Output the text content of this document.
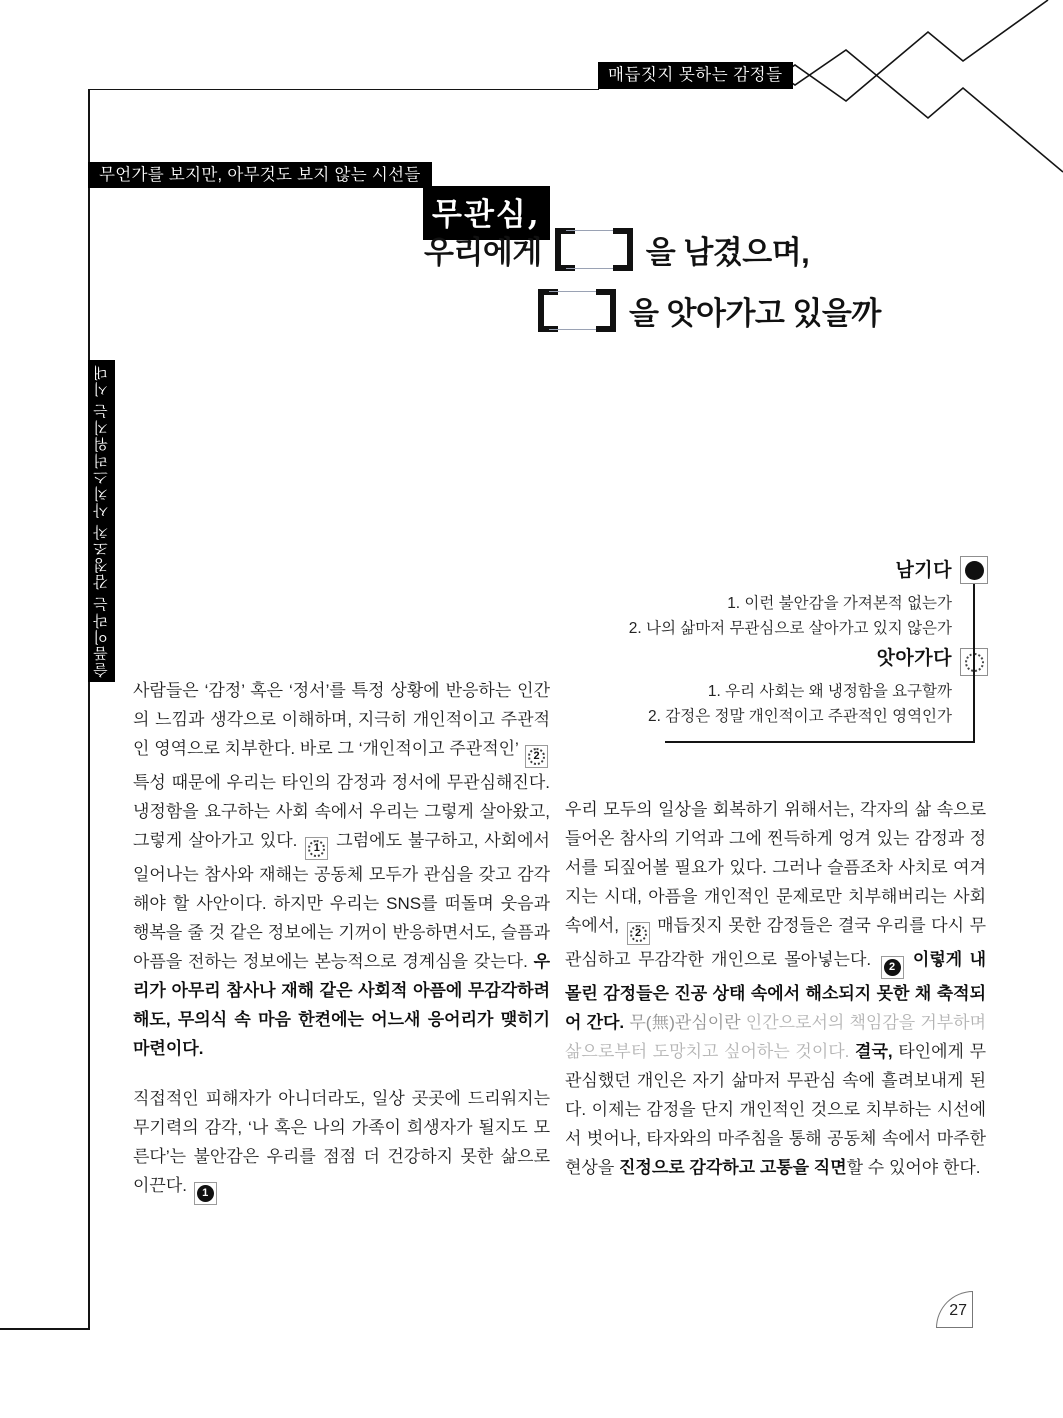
매듭짓지 못하는 감정들
무언가를 보지만, 아무것도 보지 않는 시선들
무관심,
우리에게	을 남겼으며,
을 앗아가고 있을까
슬픔이라는 감정조차 사치스러워지는 시대	남기다
1. 이런 불안감을 가져본적 없는가
2. 나의 삶마저 무관심으로 살아가고 있지 않은가
앗아가다
1. 우리 사회는 왜 냉정함을 요구할까
2. 감정은 정말 개인적이고 주관적인 영역인가

사람들은 ‘감정’ 혹은 ‘정서’를 특정 상황에 반응하는 인간의 느낌과 생각으로 이해하며, 지극히 개인적이고 주관적인 영역으로 치부한다. 바로 그 ‘개인적이고 주관적인’ 2
특성 때문에 우리는 타인의 감정과 정서에 무관심해진다. 냉정함을 요구하는 사회 속에서 우리는 그렇게 살아왔고, 그렇게 살아가고 있다. 1 그럼에도 불구하고, 사회에서 일어나는 참사와 재해는 공동체 모두가 관심을 갖고 감각해야 할 사안이다. 하지만 우리는 SNS를 떠돌며 웃음과 행복을 줄 것 같은 정보에는 기꺼이 반응하면서도, 슬픔과 아픔을 전하는 정보에는 본능적으로 경계심을 갖는다. 우리가 아무리 참사나 재해 같은 사회적 아픔에 무감각하려 해도, 무의식 속 마음 한켠에는 어느새 응어리가 맺히기 마련이다.

직접적인 피해자가 아니더라도, 일상 곳곳에 드리워지는 무기력의 감각, ‘나 혹은 나의 가족이 희생자가 될지도 모른다’는 불안감은 우리를 점점 더 건강하지 못한 삶으로 이끈다. 1

우리 모두의 일상을 회복하기 위해서는, 각자의 삶 속으로 들어온 참사의 기억과 그에 찐득하게 엉겨 있는 감정과 정서를 되짚어볼 필요가 있다. 그러나 슬픔조차 사치로 여겨지는 시대, 아픔을 개인적인 문제로만 치부해버리는 사회 속에서, 2 매듭짓지 못한 감정들은 결국 우리를 다시 무관심하고 무감각한 개인으로 몰아넣는다. 2 이렇게 내몰린 감정들은 진공 상태 속에서 해소되지 못한 채 축적되어 간다. 무(無)관심이란 인간으로서의 책임감을 거부하며 삶으로부터 도망치고 싶어하는 것이다. 결국, 타인에게 무관심했던 개인은 자기 삶마저 무관심 속에 흘려보내게 된다. 이제는 감정을 단지 개인적인 것으로 치부하는 시선에서 벗어나, 타자와의 마주침을 통해 공동체 속에서 마주한 현상을 진정으로 감각하고 고통을 직면할 수 있어야 한다.

27
